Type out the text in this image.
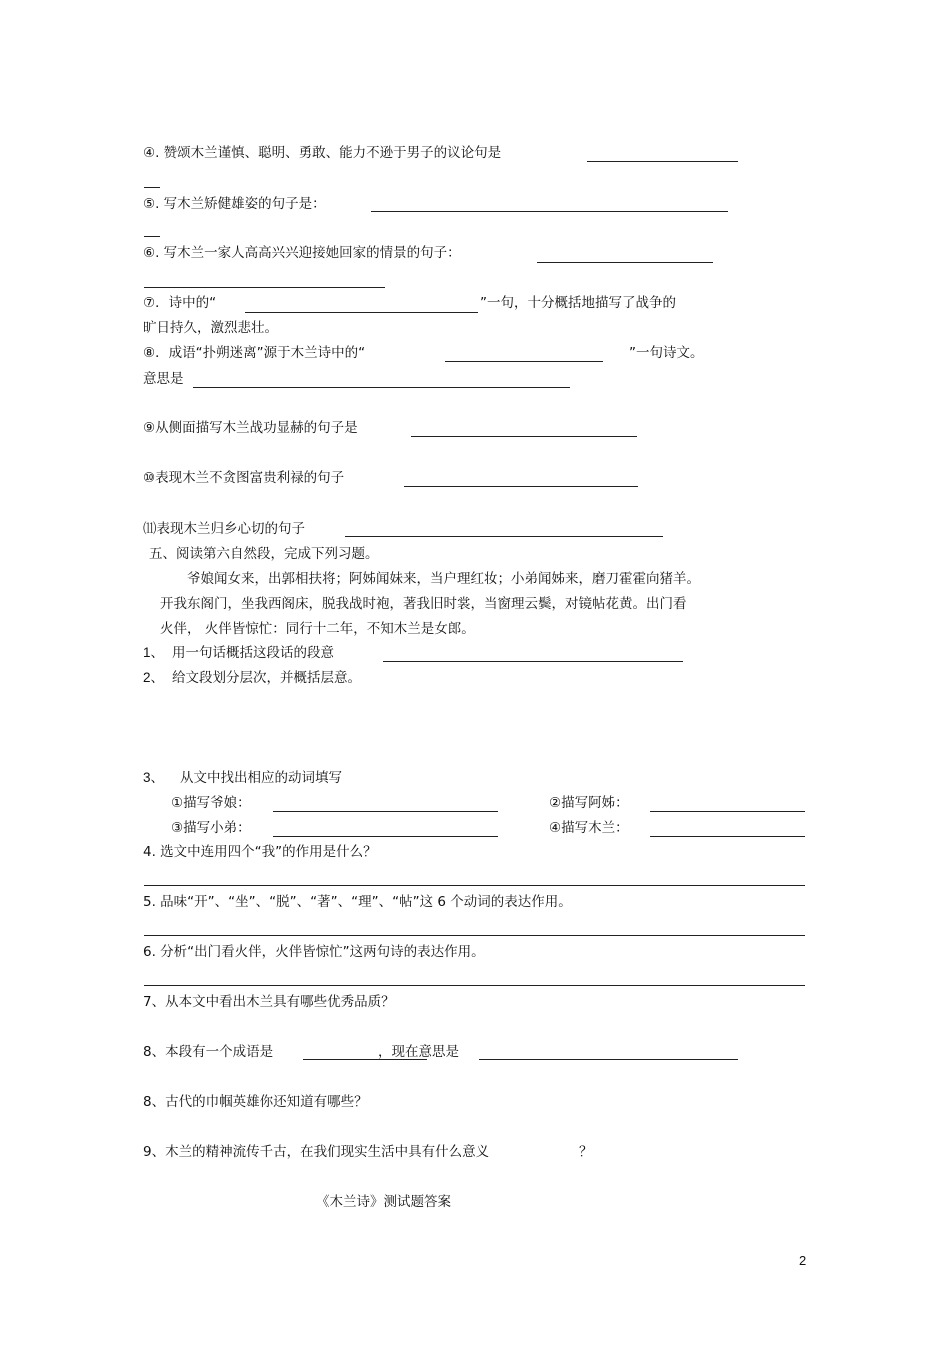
④. 赞颂木兰谨慎、聪明、勇敢、能力不逊于男子的议论句是
⑤. 写木兰矫健雄姿的句子是：
⑥. 写木兰一家人高高兴兴迎接她回家的情景的句子：
⑦．诗中的“	”一句，十分概括地描写了战争的
旷日持久，激烈悲壮。
⑧．成语“扑朔迷离”源于木兰诗中的“	”一句诗文。
意思是
⑨从侧面描写木兰战功显赫的句子是
⑩表现木兰不贪图富贵利禄的句子
⑾表现木兰归乡心切的句子
五、阅读第六自然段，完成下列习题。
爷娘闻女来，出郭相扶将；阿姊闻妹来，当户理红妆；小弟闻姊来，磨刀霍霍向猪羊。
开我东阁门，坐我西阁床，脱我战时袍，著我旧时裳，当窗理云鬓，对镜帖花黄。出门看
火伴， 火伴皆惊忙：同行十二年，不知木兰是女郎。
1、 用一句话概括这段话的段意
2、 给文段划分层次，并概括层意。
3、 从文中找出相应的动词填写
①描写爷娘：	②描写阿姊：
③描写小弟：	④描写木兰：
4. 选文中连用四个“我”的作用是什么？
5. 品味“开”、“坐”、“脱”、“著”、“理”、“帖”这 6 个动词的表达作用。
6. 分析“出门看火伴，火伴皆惊忙”这两句诗的表达作用。
7、从本文中看出木兰具有哪些优秀品质？
8、本段有一个成语是	，现在意思是
8、古代的巾帼英雄你还知道有哪些？
9、木兰的精神流传千古，在我们现实生活中具有什么意义	？
《木兰诗》测试题答案
2
